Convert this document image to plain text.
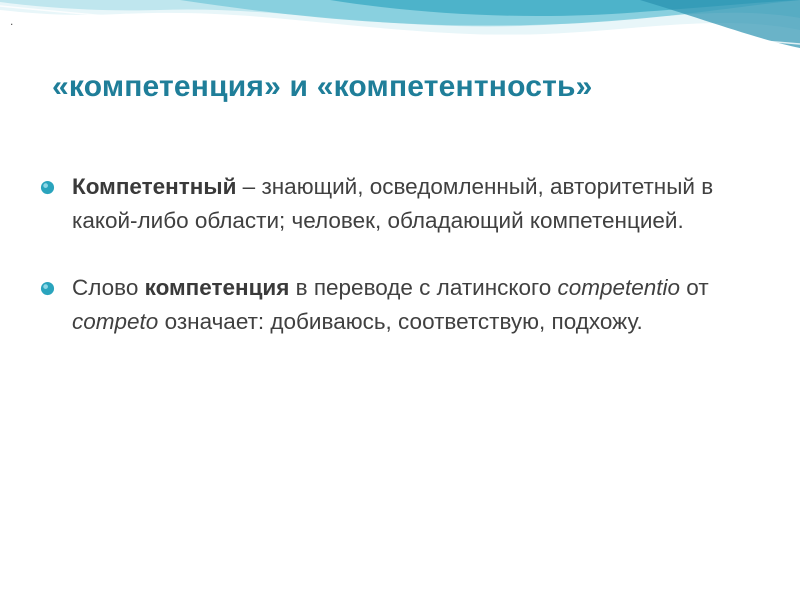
.
«компетенция» и «компетентность»
Компетентный – знающий, осведомленный, авторитетный в какой-либо области; человек, обладающий компетенцией.
Слово компетенция в переводе с латинского competentio от competo означает: добиваюсь, соответствую, подхожу.
